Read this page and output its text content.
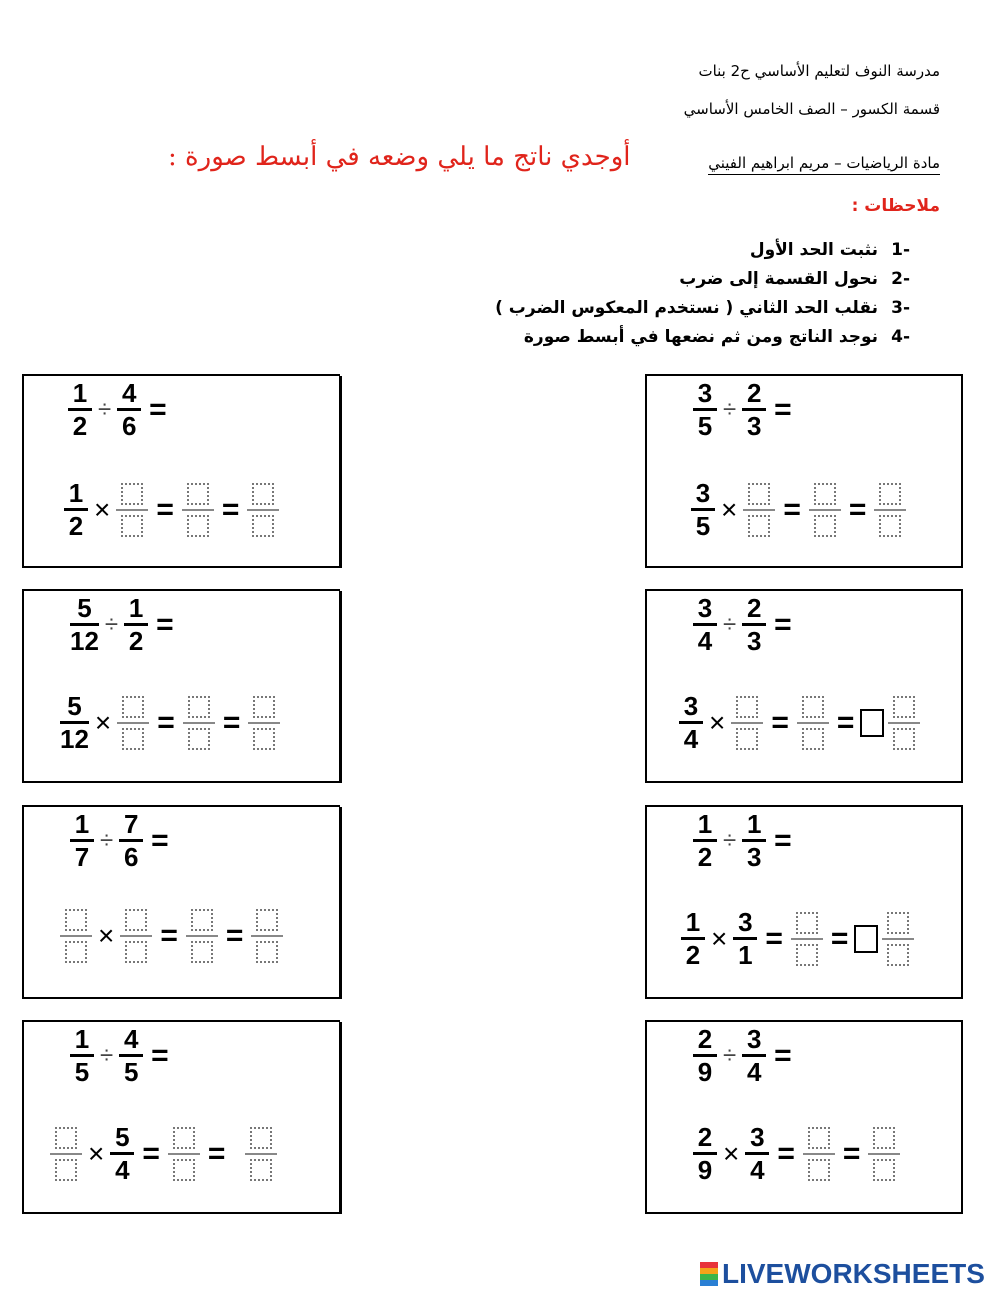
مدرسة النوف لتعليم الأساسي ح2 بنات
قسمة الكسور – الصف الخامس الأساسي
مادة الرياضيات – مريم ابراهيم الفيني
أوجدي ناتج ما يلي وضعه في أبسط صورة :
ملاحظات :
-1نثبت الحد الأول
-2نحول القسمة إلى ضرب
-3نقلب الحد الثاني ( نستخدم المعكوس الضرب )
-4نوجد الناتج ومن ثم نضعها في أبسط صورة
$\frac{1}{2} \div \frac{4}{6}$ =
$\frac{1}{2}$ × = =
$\frac{3}{5} \div \frac{2}{3}$ =
$\frac{3}{5}$ × = =
$\frac{5}{12} \div \frac{1}{2}$ =
$\frac{5}{12}$ × = =
$\frac{3}{4} \div \frac{2}{3}$ =
$\frac{3}{4}$ × = =
$\frac{1}{7} \div \frac{7}{6}$ =
× = =
$\frac{1}{2} \div \frac{1}{3}$ =
$\frac{1}{2} \times \frac{3}{1}$ = =
$\frac{1}{5} \div \frac{4}{5}$ =
× $\frac{5}{4}$ = =
$\frac{2}{9} \div \frac{3}{4}$ =
$\frac{2}{9} \times \frac{3}{4}$ = =
LIVEWORKSHEETS
